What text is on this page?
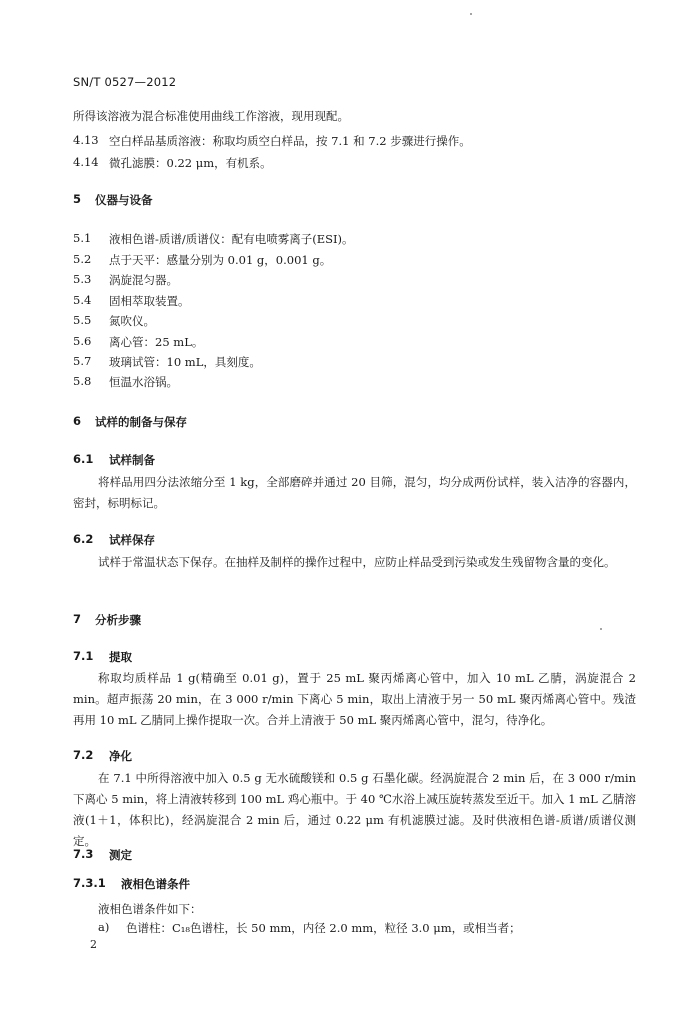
SN/T 0527—2012
所得该溶液为混合标准使用曲线工作溶液，现用现配。
4.13 空白样品基质溶液：称取均质空白样品，按 7.1 和 7.2 步骤进行操作。
4.14 微孔滤膜：0.22 μm，有机系。
5 仪器与设备
5.1 液相色谱-质谱/质谱仪：配有电喷雾离子(ESI)。
5.2 点于天平：感量分别为 0.01 g，0.001 g。
5.3 涡旋混匀器。
5.4 固相萃取装置。
5.5 氮吹仪。
5.6 离心管：25 mL。
5.7 玻璃试管：10 mL，具刻度。
5.8 恒温水浴锅。
6 试样的制备与保存
6.1 试样制备
将样品用四分法浓缩分至 1 kg，全部磨碎并通过 20 目筛，混匀，均分成两份试样，装入洁净的容器内，密封，标明标记。
6.2 试样保存
试样于常温状态下保存。在抽样及制样的操作过程中，应防止样品受到污染或发生残留物含量的变化。
7 分析步骤
7.1 提取
称取均质样品 1 g(精确至 0.01 g)，置于 25 mL 聚丙烯离心管中，加入 10 mL 乙腈，涡旋混合 2 min。超声振荡 20 min，在 3 000 r/min 下离心 5 min，取出上清液于另一 50 mL 聚丙烯离心管中。残渣再用 10 mL 乙腈同上操作提取一次。合并上清液于 50 mL 聚丙烯离心管中，混匀，待净化。
7.2 净化
在 7.1 中所得溶液中加入 0.5 g 无水硫酸镁和 0.5 g 石墨化碳。经涡旋混合 2 min 后，在 3 000 r/min 下离心 5 min，将上清液转移到 100 mL 鸡心瓶中。于 40 ℃水浴上减压旋转蒸发至近干。加入 1 mL 乙腈溶液(1＋1，体积比)，经涡旋混合 2 min 后，通过 0.22 μm 有机滤膜过滤。及时供液相色谱-质谱/质谱仪测定。
7.3 测定
7.3.1 液相色谱条件
液相色谱条件如下：
a) 色谱柱：C₁₈色谱柱，长 50 mm，内径 2.0 mm，粒径 3.0 μm，或相当者；
2
